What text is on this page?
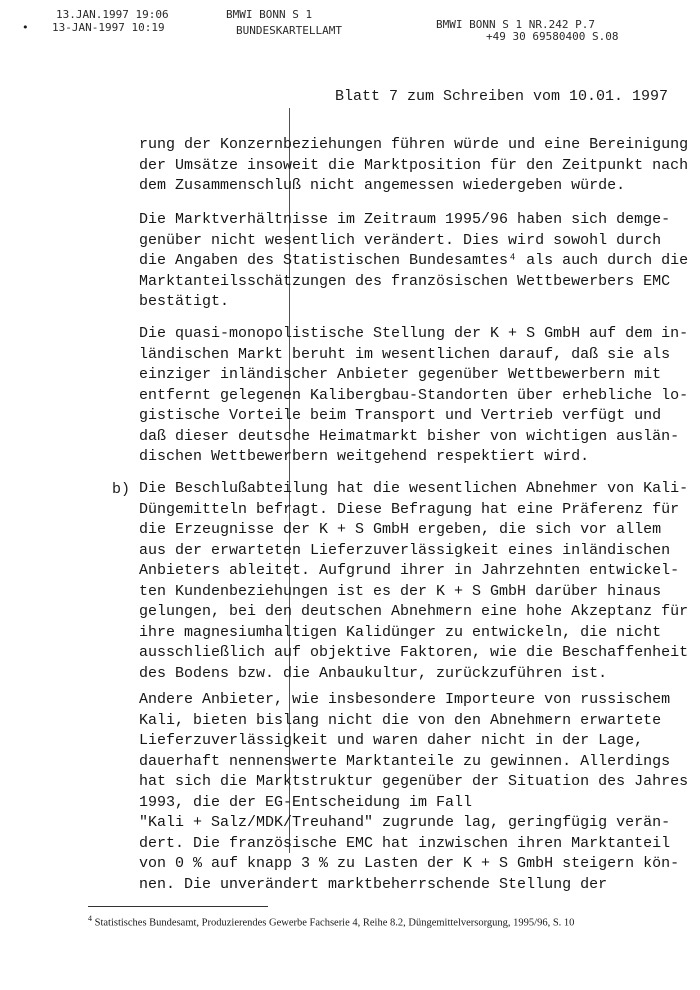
•
13.JAN.1997 19:06
13-JAN-1997 10:19
BMWI BONN S 1
BUNDESKARTELLAMT	BMWI BONN S 1 NR.242 P.7
+49 30 69580400 S.08
Blatt 7 zum Schreiben vom 10.01. 1997
rung der Konzernbeziehungen führen würde und eine Bereinigung
der Umsätze insoweit die Marktposition für den Zeitpunkt nach
dem Zusammenschluß nicht angemessen wiedergeben würde.
Die Marktverhältnisse im Zeitraum 1995/96 haben sich demge-
genüber nicht wesentlich verändert. Dies wird sowohl durch
die Angaben des Statistischen Bundesamtes⁴ als auch durch die
Marktanteilsschätzungen des französischen Wettbewerbers EMC
bestätigt.
Die quasi-monopolistische Stellung der K + S GmbH auf dem in-
ländischen Markt beruht im wesentlichen darauf, daß sie als
einziger inländischer Anbieter gegenüber Wettbewerbern mit
entfernt gelegenen Kalibergbau-Standorten über erhebliche lo-
gistische Vorteile beim Transport und Vertrieb verfügt und
daß dieser deutsche Heimatmarkt bisher von wichtigen auslän-
dischen Wettbewerbern weitgehend respektiert wird.
b) Die Beschlußabteilung hat die wesentlichen Abnehmer von Kali-
Düngemitteln befragt. Diese Befragung hat eine Präferenz für
die Erzeugnisse der K + S GmbH ergeben, die sich vor allem
aus der erwarteten Lieferzuverlässigkeit eines inländischen
Anbieters ableitet. Aufgrund ihrer in Jahrzehnten entwickel-
ten Kundenbeziehungen ist es der K + S GmbH darüber hinaus
gelungen, bei den deutschen Abnehmern eine hohe Akzeptanz für
ihre magnesiumhaltigen Kalidünger zu entwickeln, die nicht
ausschließlich auf objektive Faktoren, wie die Beschaffenheit
des Bodens bzw. die Anbaukultur, zurückzuführen ist.
Andere Anbieter, wie insbesondere Importeure von russischem
Kali, bieten bislang nicht die von den Abnehmern erwartete
Lieferzuverlässigkeit und waren daher nicht in der Lage,
dauerhaft nennenswerte Marktanteile zu gewinnen. Allerdings
hat sich die Marktstruktur gegenüber der Situation des Jahres
1993, die der EG-Entscheidung im Fall
"Kali + Salz/MDK/Treuhand" zugrunde lag, geringfügig verän-
dert. Die französische EMC hat inzwischen ihren Marktanteil
von 0 % auf knapp 3 % zu Lasten der K + S GmbH steigern kön-
nen. Die unverändert marktbeherrschende Stellung der
$^4$ Statistisches Bundesamt, Produzierendes Gewerbe Fachserie 4, Reihe 8.2, Düngemittelversorgung, 1995/96, S. 10
